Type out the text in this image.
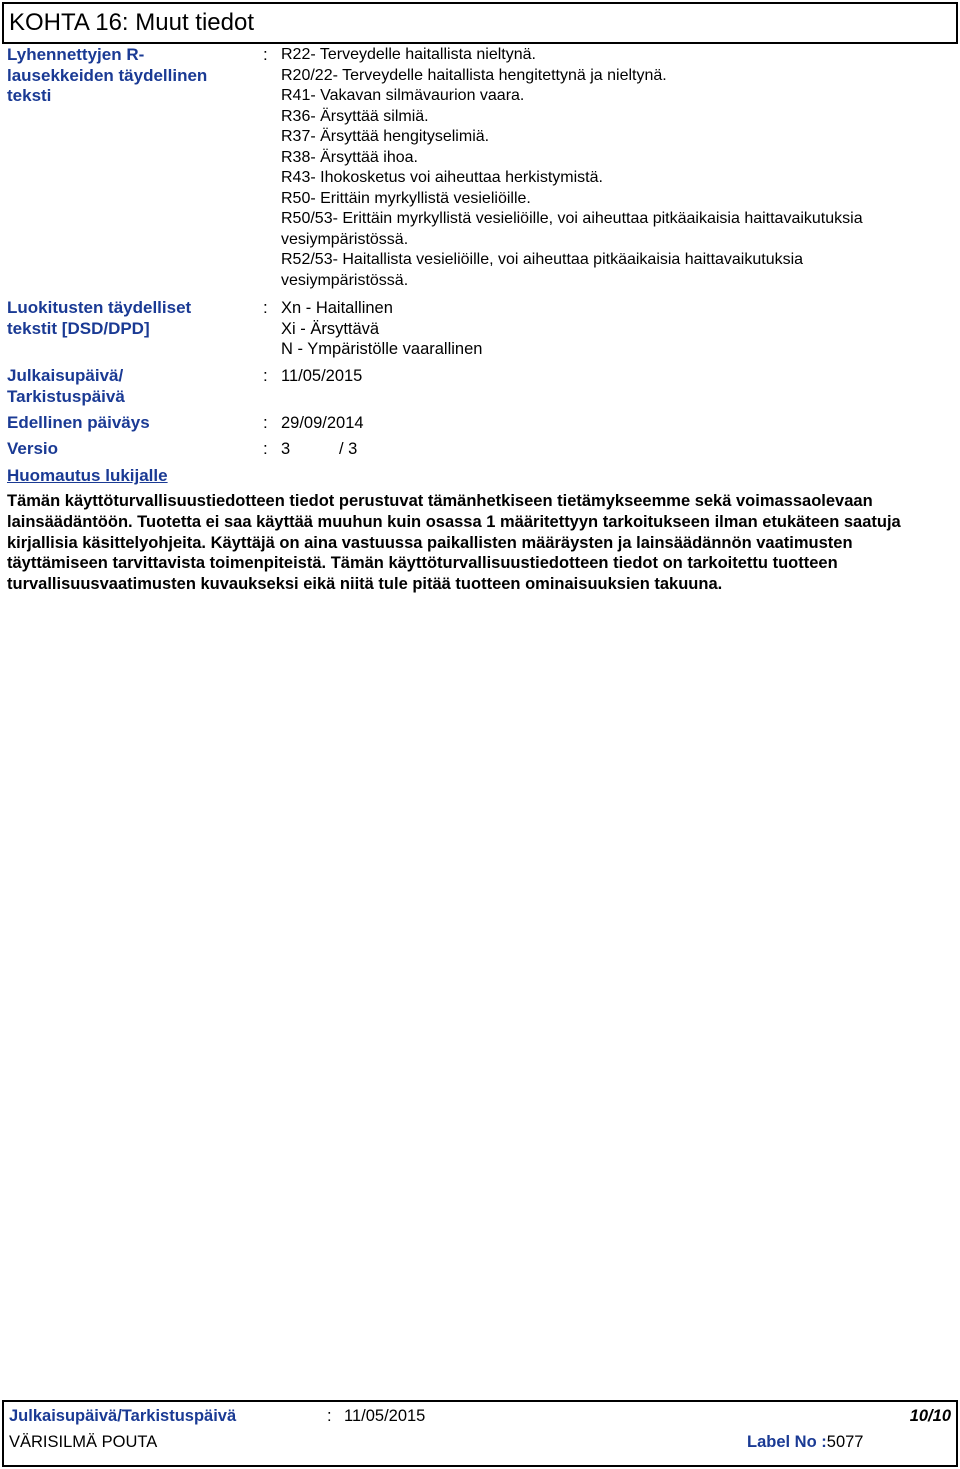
KOHTA 16: Muut tiedot
Lyhennettyjen R-
lausekkeiden täydellinen
teksti
: R22- Terveydelle haitallista nieltynä.
R20/22- Terveydelle haitallista hengitettynä ja nieltynä.
R41- Vakavan silmävaurion vaara.
R36- Ärsyttää silmiä.
R37- Ärsyttää hengityselimiä.
R38- Ärsyttää ihoa.
R43- Ihokosketus voi aiheuttaa herkistymistä.
R50- Erittäin myrkyllistä vesieliöille.
R50/53- Erittäin myrkyllistä vesieliöille, voi aiheuttaa pitkäaikaisia haittavaikutuksia
vesiympäristössä.
R52/53- Haitallista vesieliöille, voi aiheuttaa pitkäaikaisia haittavaikutuksia
vesiympäristössä.
Luokitusten täydelliset
tekstit [DSD/DPD]
: Xn - Haitallinen
Xi - Ärsyttävä
N - Ympäristölle vaarallinen
Julkaisupäivä/
Tarkistuspäivä
: 11/05/2015
Edellinen päiväys	: 29/09/2014
Versio	: 3	/ 3
Huomautus lukijalle
Tämän käyttöturvallisuustiedotteen tiedot perustuvat tämänhetkiseen tietämykseemme sekä voimassaolevaan lainsäädäntöön. Tuotetta ei saa käyttää muuhun kuin osassa 1 määritettyyn tarkoitukseen ilman etukäteen saatuja kirjallisia käsittelyohjeita. Käyttäjä on aina vastuussa paikallisten määräysten ja lainsäädännön vaatimusten täyttämiseen tarvittavista toimenpiteistä. Tämän käyttöturvallisuustiedotteen tiedot on tarkoitettu tuotteen turvallisuusvaatimusten kuvaukseksi eikä niitä tule pitää tuotteen ominaisuuksien takuuna.
Julkaisupäivä/Tarkistuspäivä	: 11/05/2015	10/10
VÄRISILMÄ POUTA	Label No :5077
